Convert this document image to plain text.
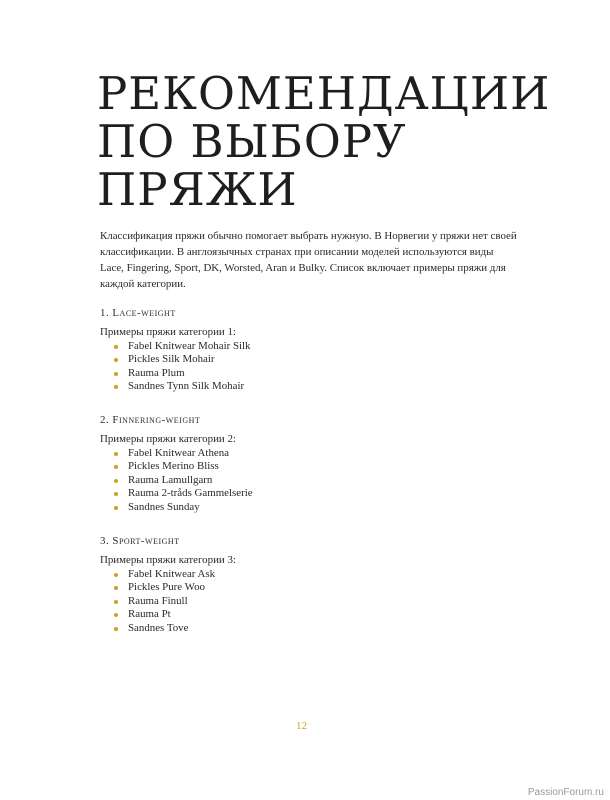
РЕКОМЕНДАЦИИ
ПО ВЫБОРУ
ПРЯЖИ

Классификация пряжи обычно помогает выбрать нужную. В Норвегии у пряжи нет своей классификации. В англоязычных странах при описании моделей используются виды Lace, Fingering, Sport, DK, Worsted, Aran и Bulky. Список включает примеры пряжи для каждой категории.

1. Lace-weight

Примеры пряжи категории 1:

Fabel Knitwear Mohair Silk
Pickles Silk Mohair
Rauma Plum
Sandnes Tynn Silk Mohair

2. Finnering-weight

Примеры пряжи категории 2:

Fabel Knitwear Athena
Pickles Merino Bliss
Rauma Lamullgarn
Rauma 2-tråds Gammelserie
Sandnes Sunday

3. Sport-weight

Примеры пряжи категории 3:

Fabel Knitwear Ask
Pickles Pure Woo
Rauma Finull
Rauma Pt
Sandnes Tove
12
PassionForum.ru
